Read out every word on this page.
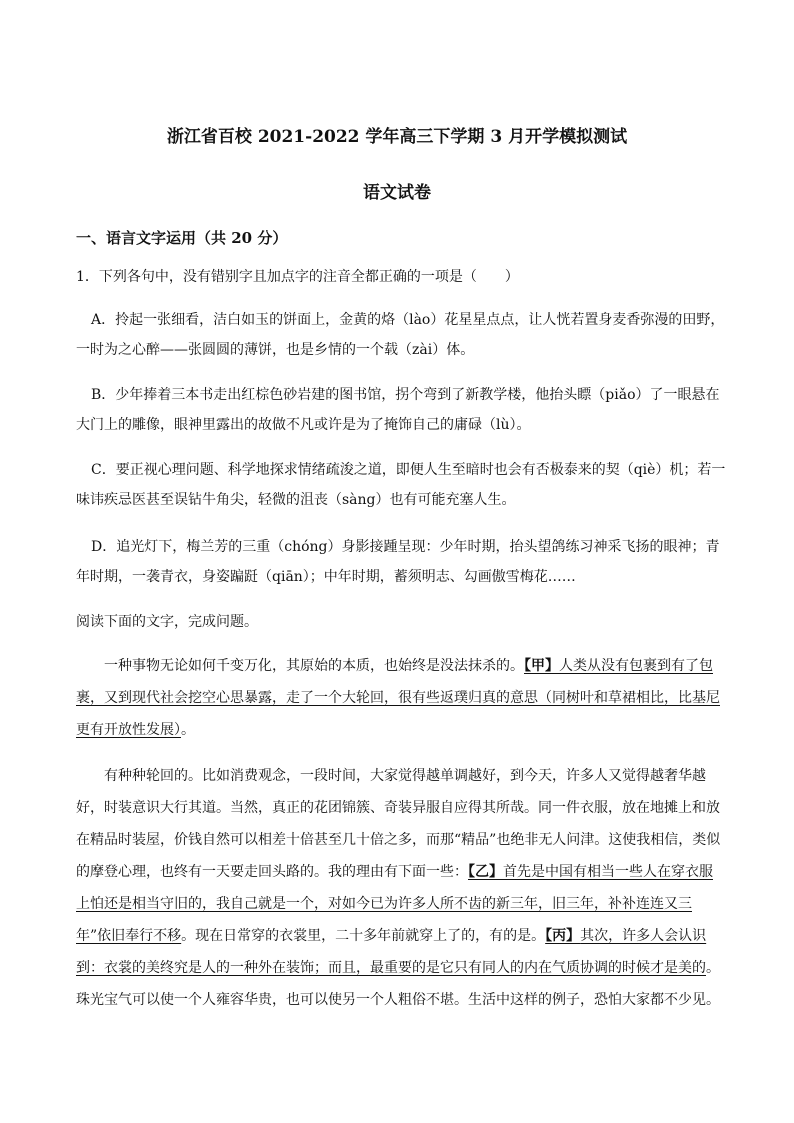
浙江省百校 2021-2022 学年高三下学期 3 月开学模拟测试
语文试卷
一、语言文字运用（共 20 分）
1．下列各句中，没有错别字且加点字的注音全都正确的一项是（　　）
A．拎起一张细看，洁白如玉的饼面上，金黄的烙（lào）花星星点点，让人恍若置身麦香弥漫的田野，一时为之心醉——张圆圆的薄饼，也是乡情的一个载（zài）体。
B．少年捧着三本书走出红棕色砂岩建的图书馆，拐个弯到了新教学楼，他抬头瞟（piǎo）了一眼悬在大门上的雕像，眼神里露出的故做不凡或许是为了掩饰自己的庸碌（lù）。
C．要正视心理问题、科学地探求情绪疏浚之道，即便人生至暗时也会有否极泰来的契（qiè）机；若一味讳疾忌医甚至误钻牛角尖，轻微的沮丧（sàng）也有可能充塞人生。
D．追光灯下，梅兰芳的三重（chóng）身影接踵呈现：少年时期，抬头望鸽练习神采飞扬的眼神；青年时期，一袭青衣，身姿蹁跹（qiān）；中年时期，蓄须明志、勾画傲雪梅花……
阅读下面的文字，完成问题。
一种事物无论如何千变万化，其原始的本质，也始终是没法抹杀的。【甲】人类从没有包裹到有了包裹，又到现代社会挖空心思暴露，走了一个大轮回，很有些返璞归真的意思（同树叶和草裙相比，比基尼更有开放性发展）。
有种种轮回的。比如消费观念，一段时间，大家觉得越单调越好，到今天，许多人又觉得越奢华越好，时装意识大行其道。当然，真正的花团锦簇、奇装异服自应得其所哉。同一件衣服，放在地摊上和放在精品时装屋，价钱自然可以相差十倍甚至几十倍之多，而那“精品”也绝非无人问津。这使我相信，类似的摩登心理，也终有一天要走回头路的。我的理由有下面一些：【乙】首先是中国有相当一些人在穿衣服上怕还是相当守旧的，我自己就是一个，对如今已为许多人所不齿的新三年，旧三年，补补连连又三年”依旧奉行不移。现在日常穿的衣裳里，二十多年前就穿上了的，有的是。【丙】其次，许多人会认识到：衣裳的美终究是人的一种外在装饰；而且，最重要的是它只有同人的内在气质协调的时候才是美的。珠光宝气可以使一个人雍容华贵，也可以使另一个人粗俗不堪。生活中这样的例子，恐怕大家都不少见。
